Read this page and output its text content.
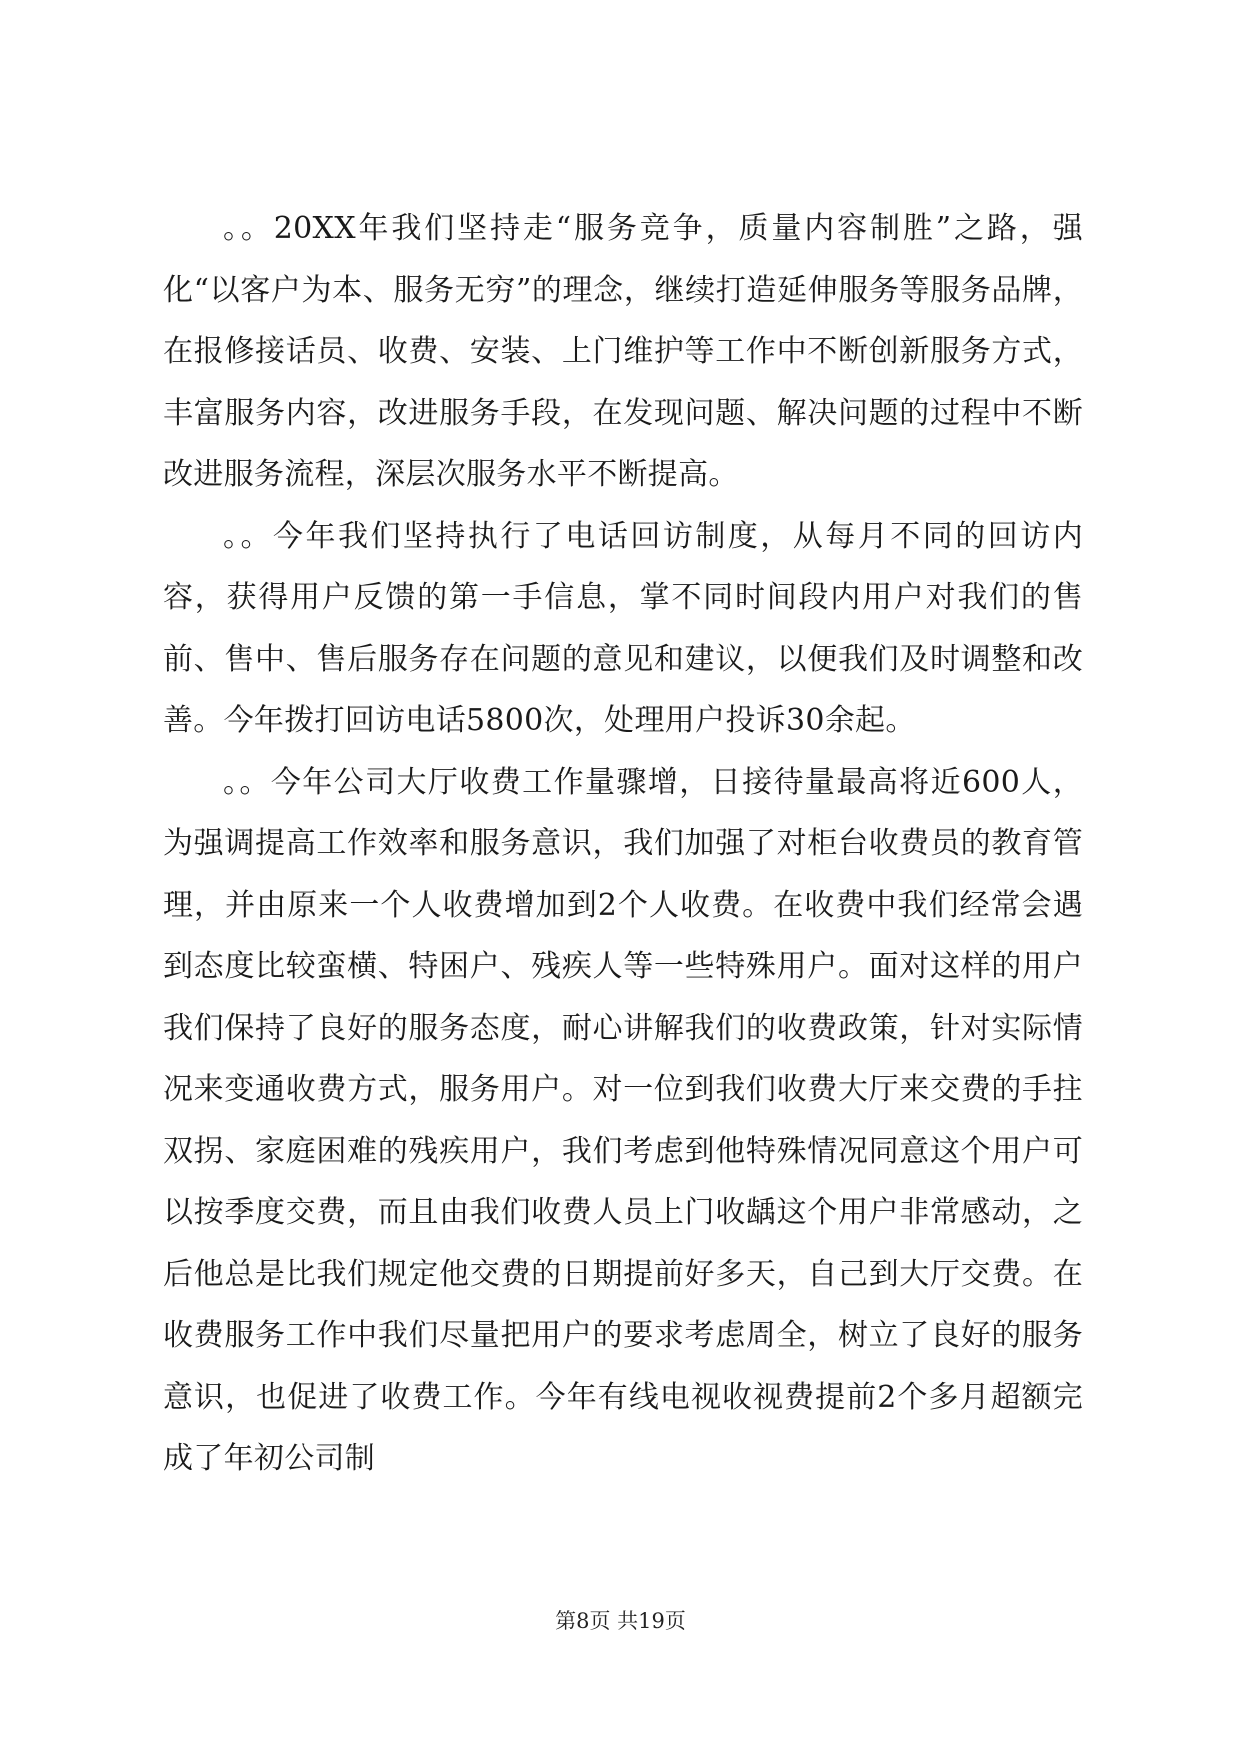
。。20XX年我们坚持走“服务竞争，质量内容制胜”之路，强化“以客户为本、服务无穷”的理念，继续打造延伸服务等服务品牌，在报修接话员、收费、安装、上门维护等工作中不断创新服务方式，丰富服务内容，改进服务手段，在发现问题、解决问题的过程中不断改进服务流程，深层次服务水平不断提高。

。。今年我们坚持执行了电话回访制度，从每月不同的回访内容，获得用户反馈的第一手信息，掌不同时间段内用户对我们的售前、售中、售后服务存在问题的意见和建议，以便我们及时调整和改善。今年拨打回访电话5800次，处理用户投诉30余起。

。。今年公司大厅收费工作量骤增，日接待量最高将近600人，为强调提高工作效率和服务意识，我们加强了对柜台收费员的教育管理，并由原来一个人收费增加到2个人收费。在收费中我们经常会遇到态度比较蛮横、特困户、残疾人等一些特殊用户。面对这样的用户我们保持了良好的服务态度，耐心讲解我们的收费政策，针对实际情况来变通收费方式，服务用户。对一位到我们收费大厅来交费的手拄双拐、家庭困难的残疾用户，我们考虑到他特殊情况同意这个用户可以按季度交费，而且由我们收费人员上门收龋这个用户非常感动，之后他总是比我们规定他交费的日期提前好多天，自己到大厅交费。在收费服务工作中我们尽量把用户的要求考虑周全，树立了良好的服务意识，也促进了收费工作。今年有线电视收视费提前2个多月超额完成了年初公司制

第8页 共19页
